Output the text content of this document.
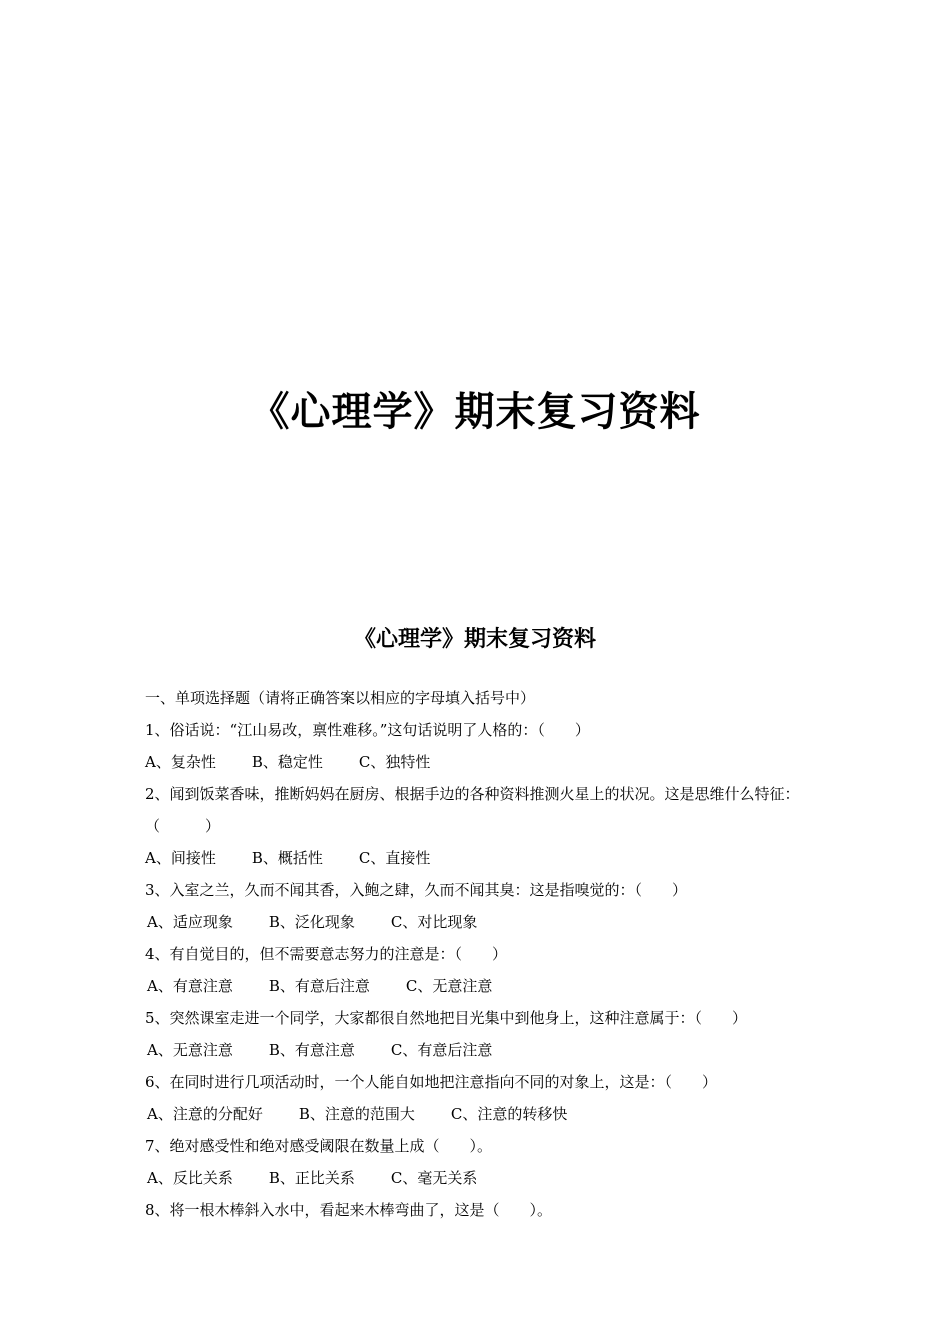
《心理学》期末复习资料
《心理学》期末复习资料
一、单项选择题（请将正确答案以相应的字母填入括号中）
1、俗话说：“江山易改，禀性难移。”这句话说明了人格的：（　　）
A、复杂性 B、稳定性 C、独特性
2、闻到饭菜香味，推断妈妈在厨房、根据手边的各种资料推测火星上的状况。这是思维什么特征：（　　　）
A、间接性 B、概括性 C、直接性
3、入室之兰，久而不闻其香，入鲍之肆，久而不闻其臭：这是指嗅觉的：（　　）
A、适应现象 B、泛化现象 C、对比现象
4、有自觉目的，但不需要意志努力的注意是：（　　）
A、有意注意 B、有意后注意 C、无意注意
5、突然课室走进一个同学，大家都很自然地把目光集中到他身上，这种注意属于：（　　）
A、无意注意 B、有意注意 C、有意后注意
6、在同时进行几项活动时，一个人能自如地把注意指向不同的对象上，这是：（　　）
A、注意的分配好 B、注意的范围大 C、注意的转移快
7、绝对感受性和绝对感受阈限在数量上成（　　）。
A、反比关系 B、正比关系 C、毫无关系
8、将一根木棒斜入水中，看起来木棒弯曲了，这是（　　）。
